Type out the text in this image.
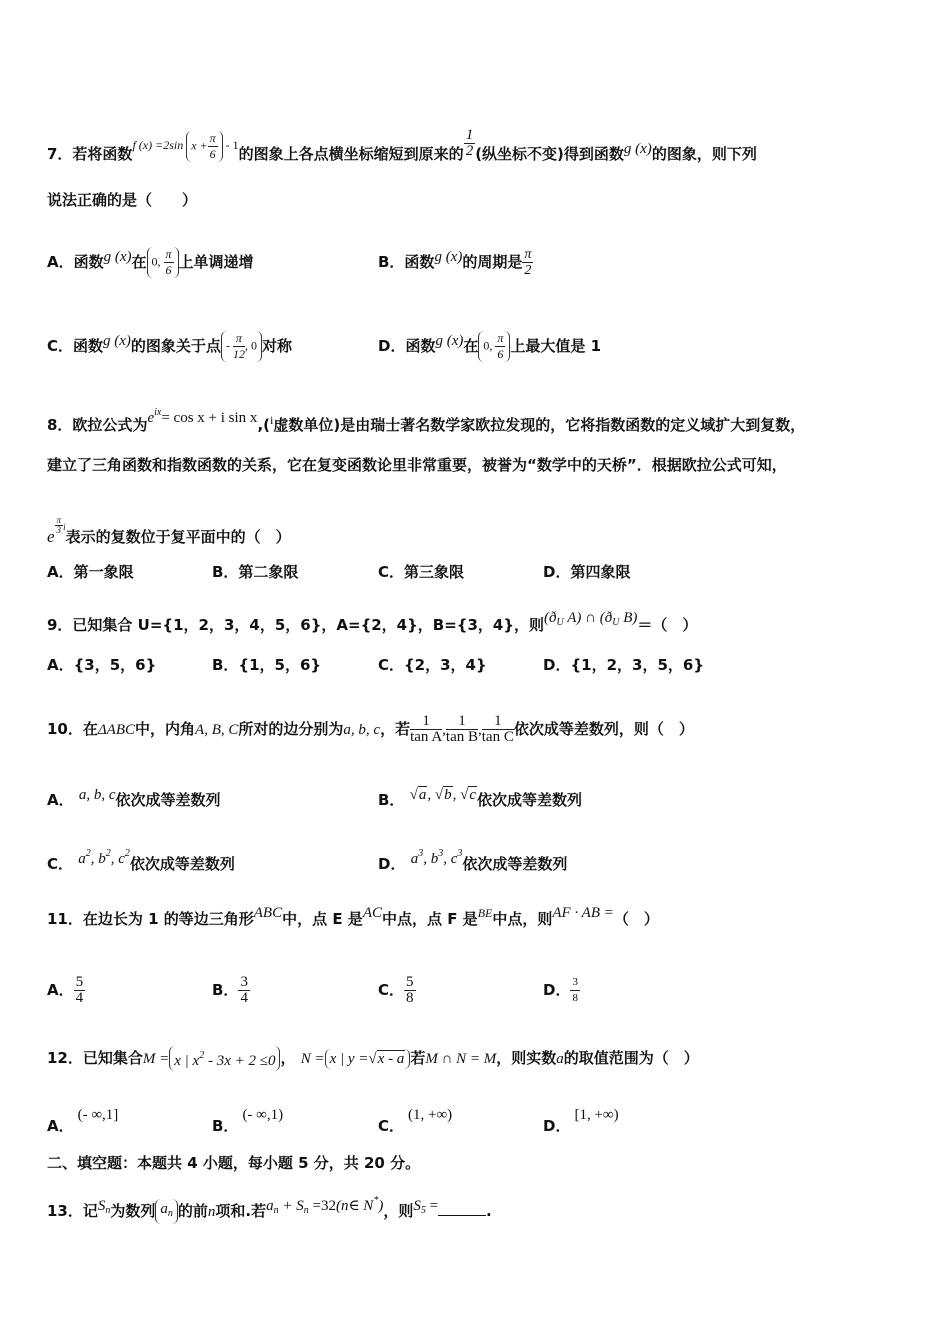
7．若将函数$^{f (x) =2sin x + \frac{\pi}{6} - 1}$的图象上各点横坐标缩短到原来的 $\frac{1}{2}$ (纵坐标不变)得到函数g (x)的图象，则下列
说法正确的是（　　）
A．函数g (x)在 0, $\frac{\pi}{6}$ 上单调递增	B．函数g (x)的周期是 $\frac{\pi}{2}$
C．函数g (x)的图象关于点 - $\frac{\pi}{12}$ , 0 对称	D．函数g (x)在 0, $\frac{\pi}{6}$ 上最大值是 1
8．欧拉公式为$e^{ix}= \cos x + i$ sin x,($^i$虚数单位)是由瑞士著名数学家欧拉发现的，它将指数函数的定义域扩大到复数，
建立了三角函数和指数函数的关系，它在复变函数论里非常重要，被誉为“数学中的天桥”．根据欧拉公式可知，
e
$\frac{\pi}{3}$ i表示的复数位于复平面中的（　）
A．第一象限	B．第二象限	C．第三象限	D．第四象限
9．已知集合 U={1，2，3，4，5，6}，A={2，4}，B={3，4}，则($ð_U$ A) ∩ ($ð_U$ B)＝（　）
A．{3，5，6}	B．{1，5，6}	C．{2，3，4}	D．{1，2，3，5，6}
10．在ΔABC中，内角A, B, C所对的边分别为a, b, c，若 $\frac{1}{\text{tan A}}$ , $\frac{1}{\text{tan B}}$ , $\frac{1}{\text{tan C}}$ 依次成等差数列，则（　）
A． a, b, c依次成等差数列	B． √a, √b, √c依次成等差数列
C． $a^2$, $b^2$, $c^2$依次成等差数列	D． $a^3$, $b^3$, $c^3$依次成等差数列
11．在边长为 1 的等边三角形ABC中，点 E 是AC中点，点 F 是$^{BE}$中点，则AF · AB =（　）
A． $\frac{5}{4}$	B． $\frac{3}{4}$	C． $\frac{5}{8}$	D． $\frac{3}{8}$
12．已知集合M = x | $x^2 - 3x + 2 \le 0$ ， N = x | y =√x - a 若M ∩ N = M，则实数a的取值范围为（　）
A．(- ∞,1]
B．(- ∞,1)
C．(1, +∞)
D．[1, +∞)
二、填空题：本题共 4 小题，每小题 5 分，共 20 分。
13．记$S_n$为数列 $a_n$ 的前n项和.若$a_n + S_n$ =32(n∈ N*)，则$S_5$ =	.
